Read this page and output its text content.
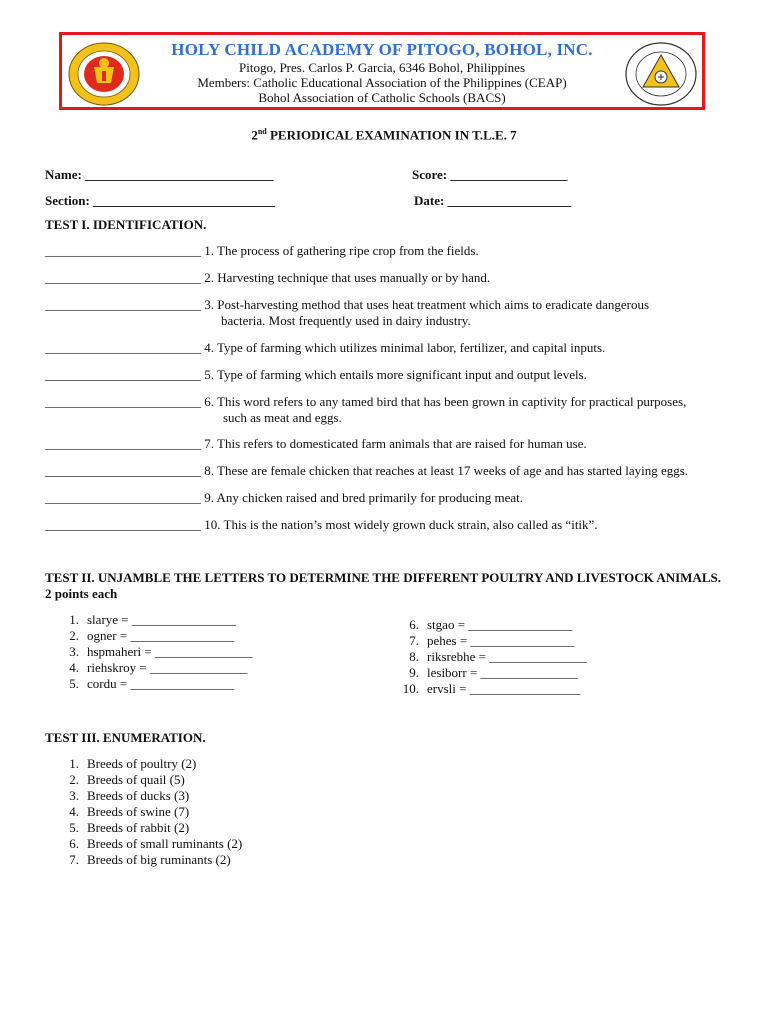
HOLY CHILD ACADEMY OF PITOGO, BOHOL, INC.
Pitogo, Pres. Carlos P. Garcia, 6346 Bohol, Philippines
Members: Catholic Educational Association of the Philippines (CEAP)
Bohol Association of Catholic Schools (BACS)
2nd PERIODICAL EXAMINATION IN T.L.E. 7
Name: _____________________________	Score: __________________
Section: ____________________________	Date: ___________________
TEST I. IDENTIFICATION.
________________________ 1. The process of gathering ripe crop from the fields.
________________________ 2. Harvesting technique that uses manually or by hand.
________________________ 3. Post-harvesting method that uses heat treatment which aims to eradicate dangerous
bacteria. Most frequently used in dairy industry.
________________________ 4. Type of farming which utilizes minimal labor, fertilizer, and capital inputs.
________________________ 5. Type of farming which entails more significant input and output levels.
________________________ 6. This word refers to any tamed bird that has been grown in captivity for practical purposes,
such as meat and eggs.
________________________ 7. This refers to domesticated farm animals that are raised for human use.
________________________ 8. These are female chicken that reaches at least 17 weeks of age and has started laying eggs.
________________________ 9. Any chicken raised and bred primarily for producing meat.
________________________ 10. This is the nation’s most widely grown duck strain, also called as “itik”.
TEST II. UNJAMBLE THE LETTERS TO DETERMINE THE DIFFERENT POULTRY AND LIVESTOCK ANIMALS. 2 points each
1. slarye = ________________
2. ogner = ________________
3. hspmaheri = _______________
4. riehskroy = _______________
5. cordu = ________________
6. stgao = ________________
7. pehes = ________________
8. riksrebhe = _______________
9. lesiborr = _______________
10. ervsli = _________________
TEST III. ENUMERATION.
1. Breeds of poultry (2)
2. Breeds of quail (5)
3. Breeds of ducks (3)
4. Breeds of swine (7)
5. Breeds of rabbit (2)
6. Breeds of small ruminants (2)
7. Breeds of big ruminants (2)
